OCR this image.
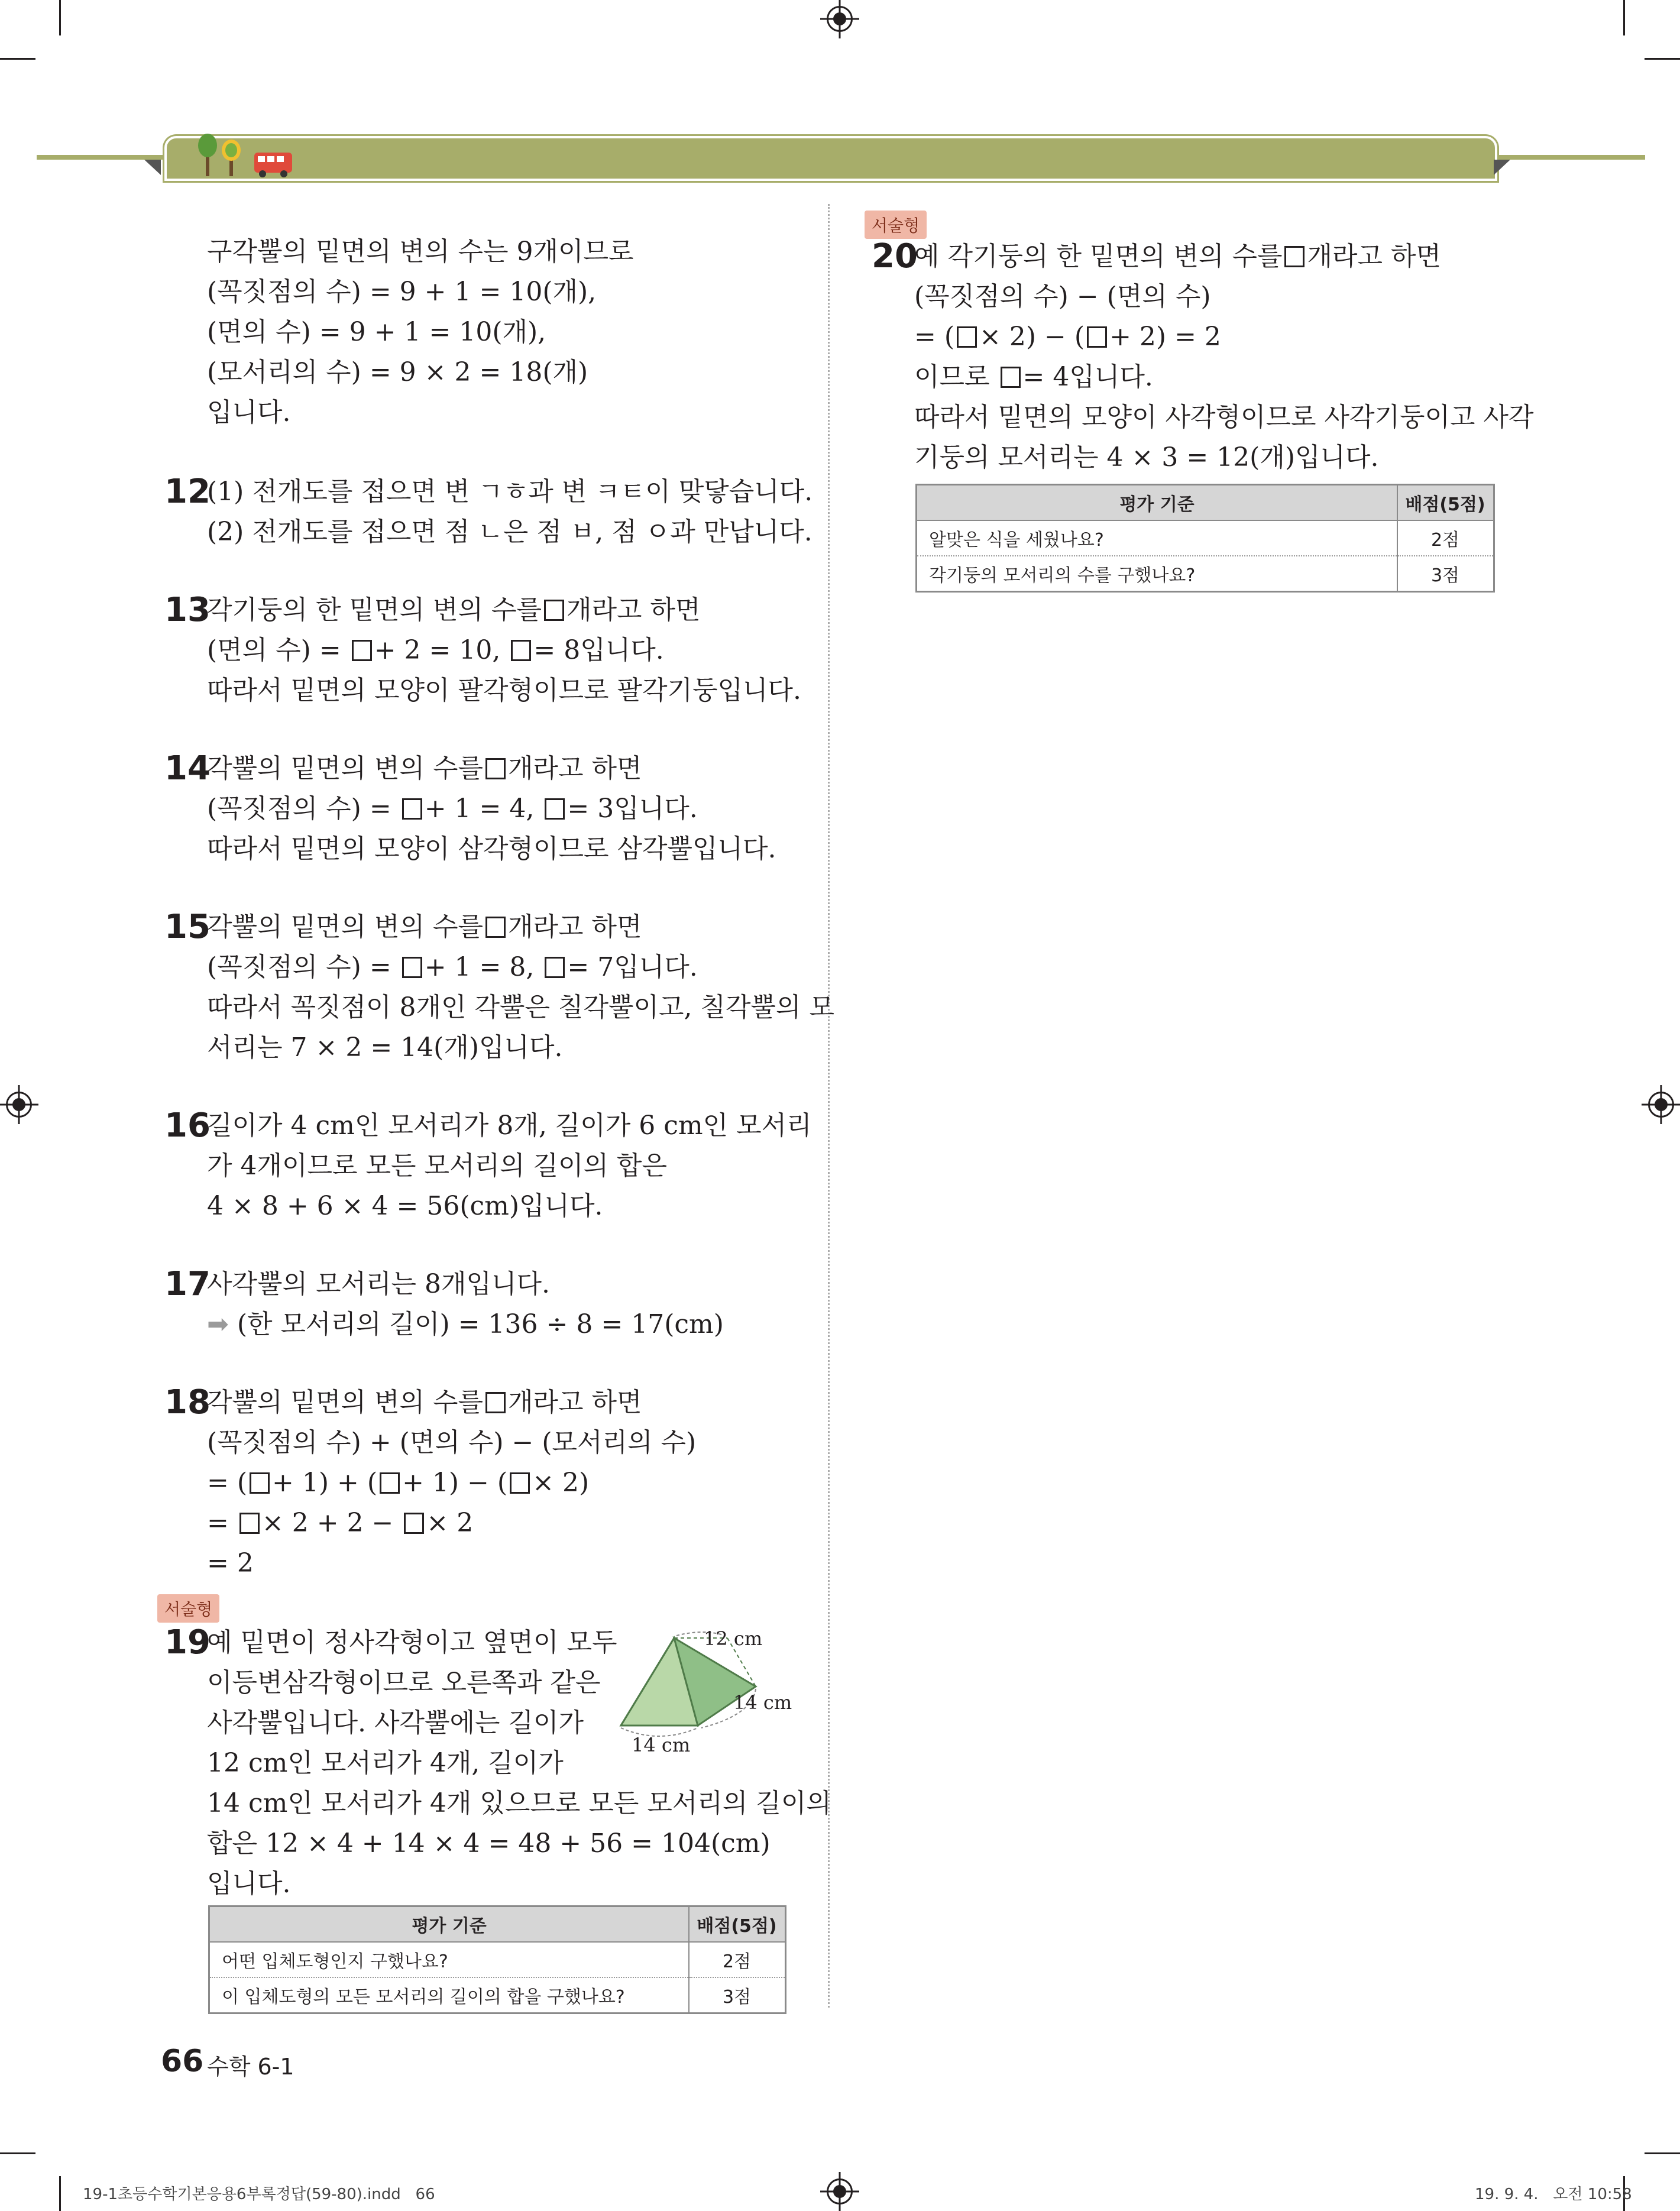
구각뿔의 밑면의 변의 수는 9개이므로
(꼭짓점의 수) = 9 + 1 = 10(개),
(면의 수) = 9 + 1 = 10(개),
(모서리의 수) = 9 × 2 = 18(개)
입니다.
12
(1) 전개도를 접으면 변 ㄱㅎ과 변 ㅋㅌ이 맞닿습니다.
(2) 전개도를 접으면 점 ㄴ은 점 ㅂ, 점 ㅇ과 만납니다.
13
각기둥의 한 밑면의 변의 수를 개라고 하면
(면의 수) = + 2 = 10, = 8입니다.
따라서 밑면의 모양이 팔각형이므로 팔각기둥입니다.
14
각뿔의 밑면의 변의 수를 개라고 하면
(꼭짓점의 수) = + 1 = 4, = 3입니다.
따라서 밑면의 모양이 삼각형이므로 삼각뿔입니다.
15
각뿔의 밑면의 변의 수를 개라고 하면
(꼭짓점의 수) = + 1 = 8, = 7입니다.
따라서 꼭짓점이 8개인 각뿔은 칠각뿔이고, 칠각뿔의 모
서리는 7 × 2 = 14(개)입니다.
16
길이가 4 cm인 모서리가 8개, 길이가 6 cm인 모서리
가 4개이므로 모든 모서리의 길이의 합은
4 × 8 + 6 × 4 = 56(cm)입니다.
17
사각뿔의 모서리는 8개입니다.
➡ (한 모서리의 길이) = 136 ÷ 8 = 17(cm)
18
각뿔의 밑면의 변의 수를 개라고 하면
(꼭짓점의 수) + (면의 수) − (모서리의 수)
= ( + 1) + ( + 1) − ( × 2)
= × 2 + 2 − × 2
= 2
서술형
19
예 밑면이 정사각형이고 옆면이 모두
이등변삼각형이므로 오른쪽과 같은
사각뿔입니다. 사각뿔에는 길이가
12 cm인 모서리가 4개, 길이가
14 cm인 모서리가 4개 있으므로 모든 모서리의 길이의
합은 12 × 4 + 14 × 4 = 48 + 56 = 104(cm)
입니다.
12 cm
14 cm
14 cm
평가 기준	배점(5점)
어떤 입체도형인지 구했나요?	2점
이 입체도형의 모든 모서리의 길이의 합을 구했나요?	3점
서술형
20
예 각기둥의 한 밑면의 변의 수를 개라고 하면
(꼭짓점의 수) − (면의 수)
= ( × 2) − ( + 2) = 2
이므로 = 4입니다.
따라서 밑면의 모양이 사각형이므로 사각기둥이고 사각
기둥의 모서리는 4 × 3 = 12(개)입니다.
평가 기준	배점(5점)
알맞은 식을 세웠나요?	2점
각기둥의 모서리의 수를 구했나요?	3점
66 수학 6-1
19-1초등수학기본응용6부록정답(59-80).indd   66	19. 9. 4.   오전 10:58
